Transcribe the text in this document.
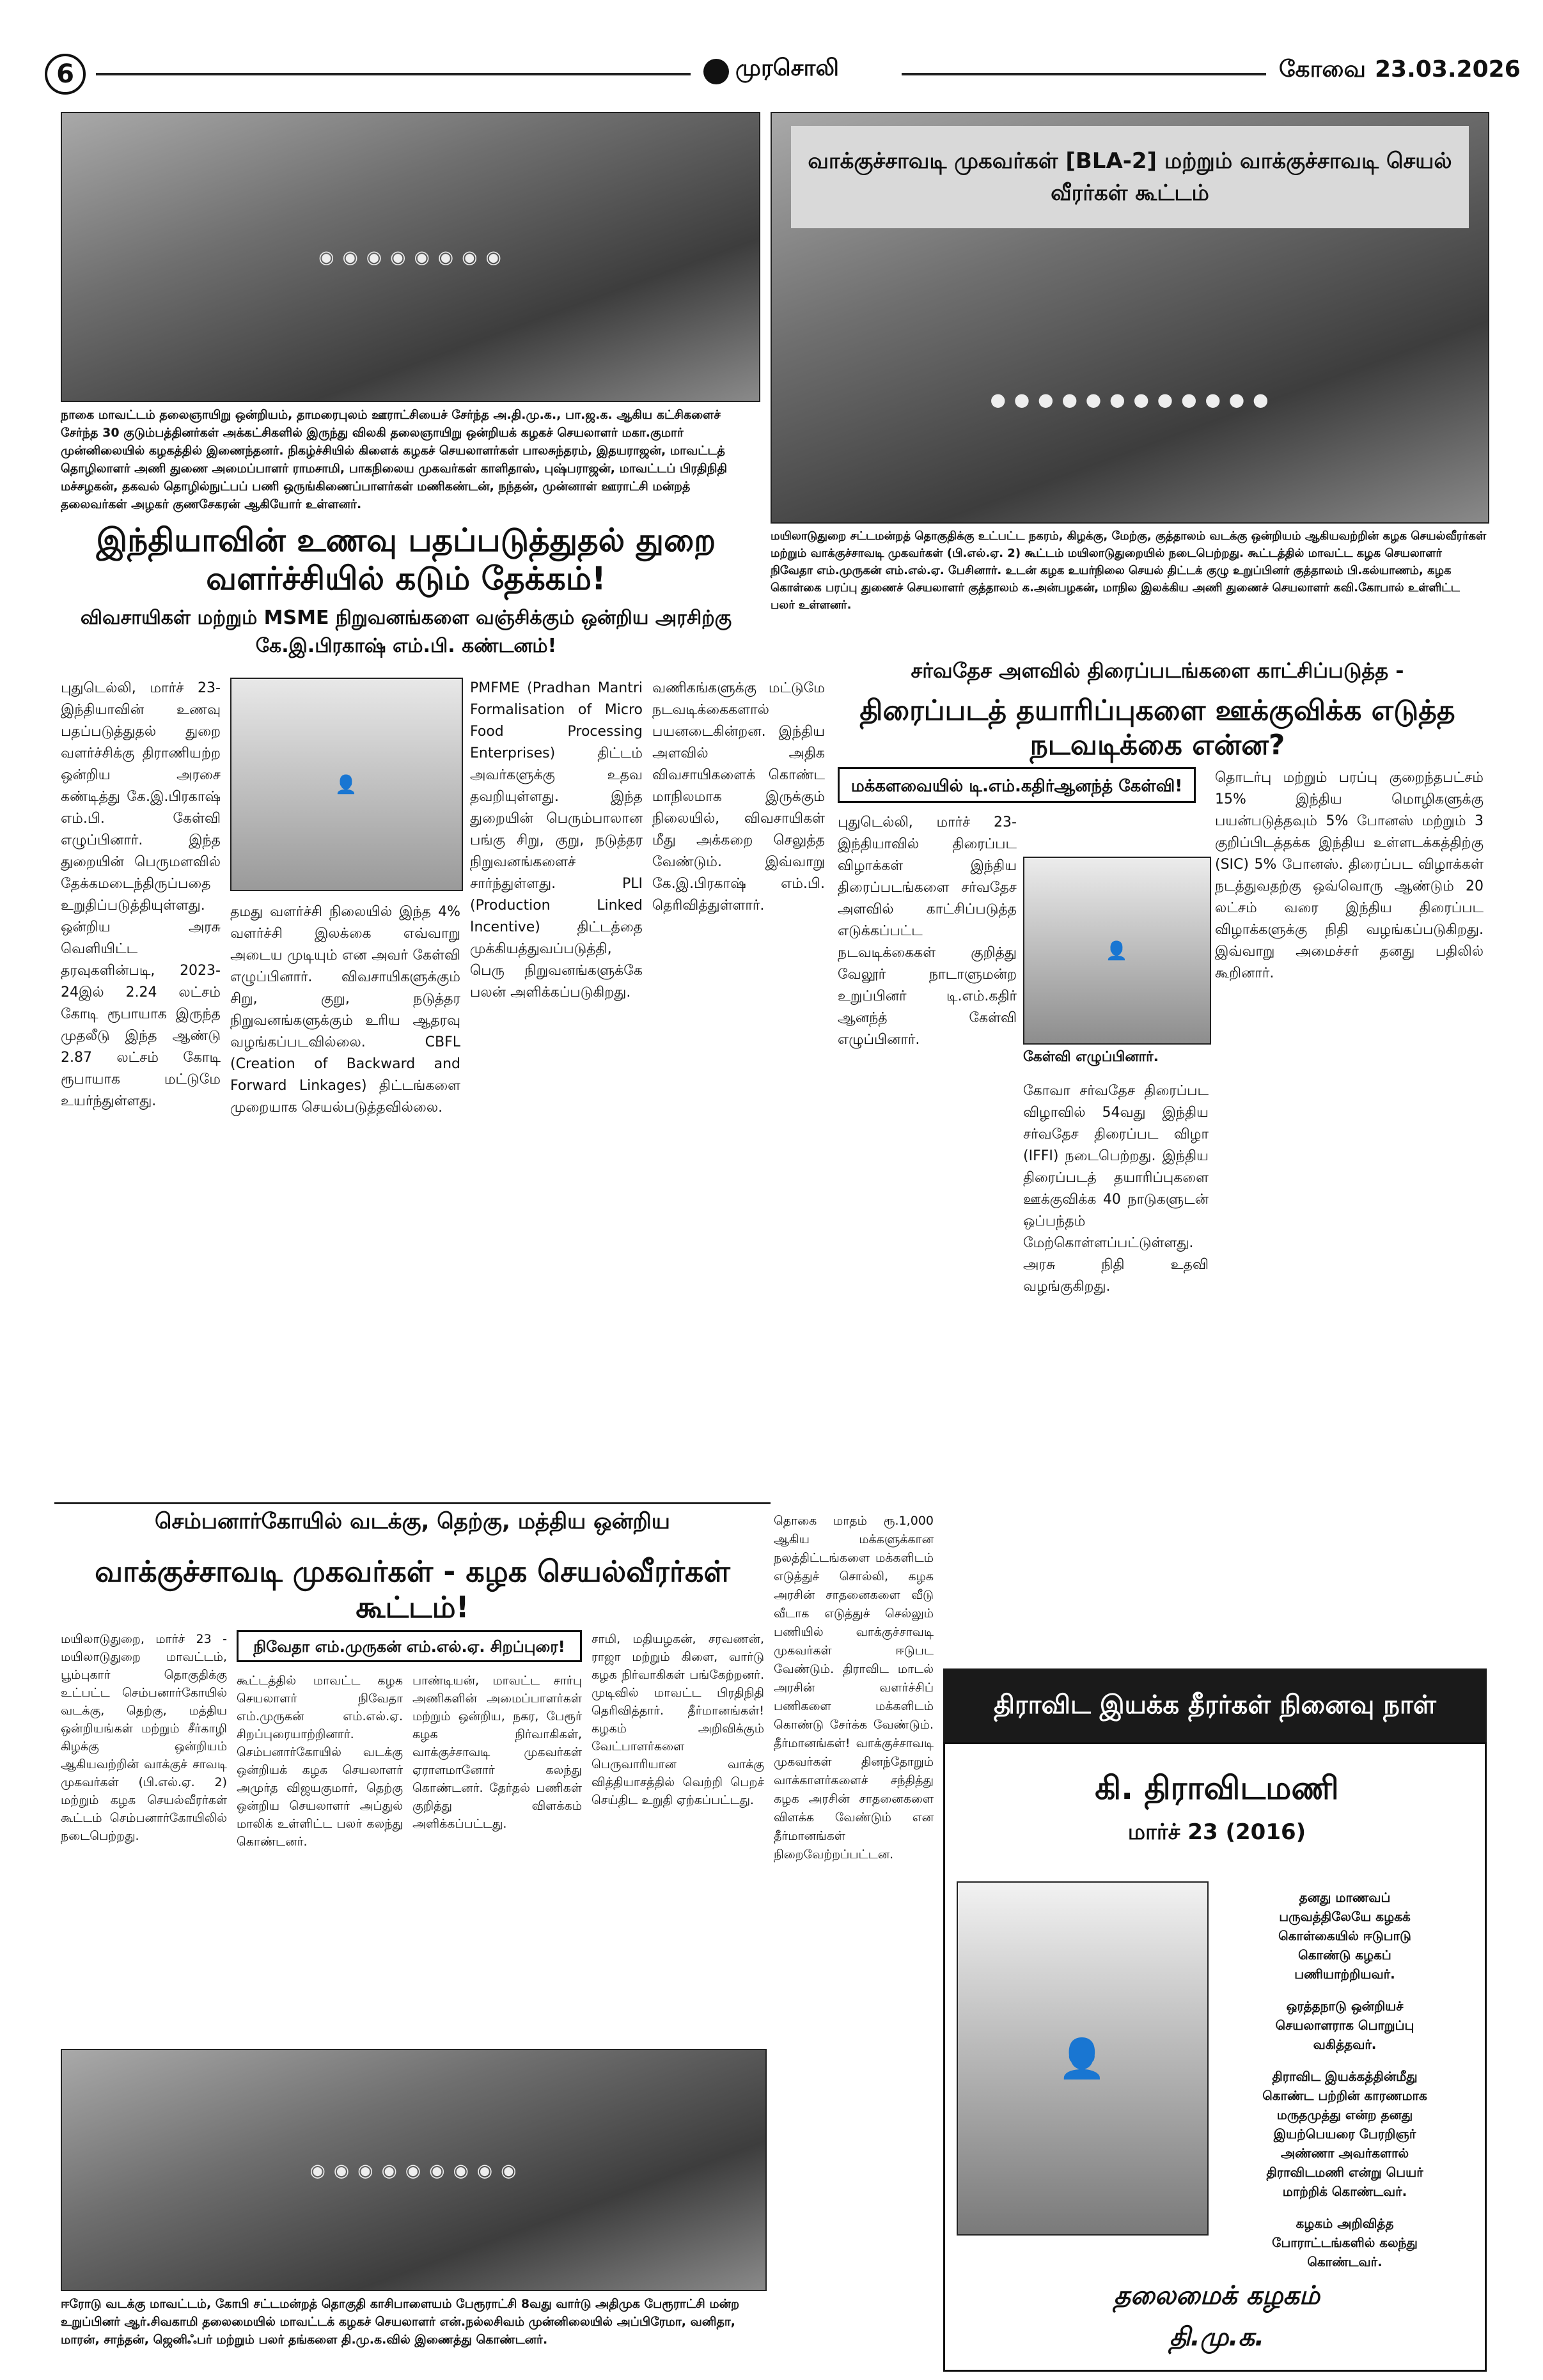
6	முரசொலி	கோவை 23.03.2026
◉ ◉ ◉ ◉ ◉ ◉ ◉ ◉
நாகை மாவட்டம் தலைஞாயிறு ஒன்றியம், தாமரைபுலம் ஊராட்சியைச் சேர்ந்த அ.தி.மு.க., பா.ஜ.க. ஆகிய கட்சிகளைச் சேர்ந்த 30 குடும்பத்தினர்கள் அக்கட்சிகளில் இருந்து விலகி தலைஞாயிறு ஒன்றியக் கழகச் செயலாளர் மகா.குமார் முன்னிலையில் கழகத்தில் இணைந்தனர். நிகழ்ச்சியில் கிளைக் கழகச் செயலாளர்கள் பாலசுந்தரம், இதயராஜன், மாவட்டத் தொழிலாளர் அணி துணை அமைப்பாளர் ராமசாமி, பாகநிலைய முகவர்கள் காளிதாஸ், புஷ்பராஜன், மாவட்டப் பிரதிநிதி மச்சழகன், தகவல் தொழில்நுட்பப் பணி ஒருங்கிணைப்பாளர்கள் மணிகண்டன், நந்தன், முன்னாள் ஊராட்சி மன்றத் தலைவர்கள் அழகர் குணசேகரன் ஆகியோர் உள்ளனர்.
வாக்குச்சாவடி முகவர்கள் [BLA-2] மற்றும் வாக்குச்சாவடி செயல் வீரர்கள் கூட்டம்
● ● ● ● ● ● ● ● ● ● ● ●
மயிலாடுதுறை சட்டமன்றத் தொகுதிக்கு உட்பட்ட நகரம், கிழக்கு, மேற்கு, குத்தாலம் வடக்கு ஒன்றியம் ஆகியவற்றின் கழக செயல்வீரர்கள் மற்றும் வாக்குச்சாவடி முகவர்கள் (பி.எல்.ஏ. 2) கூட்டம் மயிலாடுதுறையில் நடைபெற்றது. கூட்டத்தில் மாவட்ட கழக செயலாளர் நிவேதா எம்.முருகன் எம்.எல்.ஏ. பேசினார். உடன் கழக உயர்நிலை செயல் திட்டக் குழு உறுப்பினர் குத்தாலம் பி.கல்யாணம், கழக கொள்கை பரப்பு துணைச் செயலாளர் குத்தாலம் க.அன்பழகன், மாநில இலக்கிய அணி துணைச் செயலாளர் கவி.கோபால் உள்ளிட்ட பலர் உள்ளனர்.
இந்தியாவின் உணவு பதப்படுத்துதல் துறை வளர்ச்சியில் கடும் தேக்கம்!
விவசாயிகள் மற்றும் MSME நிறுவனங்களை வஞ்சிக்கும் ஒன்றிய அரசிற்கு கே.இ.பிரகாஷ் எம்.பி. கண்டனம்!
புதுடெல்லி, மார்ச் 23- இந்தியாவின் உணவு பதப்படுத்துதல் துறை வளர்ச்சிக்கு திராணியற்ற ஒன்றிய அரசை கண்டித்து கே.இ.பிரகாஷ் எம்.பி. கேள்வி எழுப்பினார். இந்த துறையின் பெருமளவில் தேக்கமடைந்திருப்பதை உறுதிப்படுத்தியுள்ளது. ஒன்றிய அரசு வெளியிட்ட தரவுகளின்படி, 2023-24இல் 2.24 லட்சம் கோடி ரூபாயாக இருந்த முதலீடு இந்த ஆண்டு 2.87 லட்சம் கோடி ரூபாயாக மட்டுமே உயர்ந்துள்ளது.
👤
தமது வளர்ச்சி நிலையில் இந்த 4% வளர்ச்சி இலக்கை எவ்வாறு அடைய முடியும் என அவர் கேள்வி எழுப்பினார். விவசாயிகளுக்கும் சிறு, குறு, நடுத்தர நிறுவனங்களுக்கும் உரிய ஆதரவு வழங்கப்படவில்லை. CBFL (Creation of Backward and Forward Linkages) திட்டங்களை முறையாக செயல்படுத்தவில்லை.
PMFME (Pradhan Mantri Formalisation of Micro Food Processing Enterprises) திட்டம் அவர்களுக்கு உதவ தவறியுள்ளது. இந்த துறையின் பெரும்பாலான பங்கு சிறு, குறு, நடுத்தர நிறுவனங்களைச் சார்ந்துள்ளது. PLI (Production Linked Incentive) திட்டத்தை முக்கியத்துவப்படுத்தி, பெரு நிறுவனங்களுக்கே பலன் அளிக்கப்படுகிறது.
வணிகங்களுக்கு மட்டுமே நடவடிக்கைகளால் பயனடைகின்றன. இந்திய அளவில் அதிக விவசாயிகளைக் கொண்ட மாநிலமாக இருக்கும் நிலையில், விவசாயிகள் மீது அக்கறை செலுத்த வேண்டும். இவ்வாறு கே.இ.பிரகாஷ் எம்.பி. தெரிவித்துள்ளார்.
சர்வதேச அளவில் திரைப்படங்களை காட்சிப்படுத்த -
திரைப்படத் தயாரிப்புகளை ஊக்குவிக்க எடுத்த நடவடிக்கை என்ன?
மக்களவையில் டி.எம்.கதிர்ஆனந்த் கேள்வி!
புதுடெல்லி, மார்ச் 23- இந்தியாவில் திரைப்பட விழாக்கள் இந்திய திரைப்படங்களை சர்வதேச அளவில் காட்சிப்படுத்த எடுக்கப்பட்ட நடவடிக்கைகள் குறித்து வேலூர் நாடாளுமன்ற உறுப்பினர் டி.எம்.கதிர் ஆனந்த் கேள்வி எழுப்பினார்.
👤
கேள்வி எழுப்பினார்.
கோவா சர்வதேச திரைப்பட விழாவில் 54வது இந்திய சர்வதேச திரைப்பட விழா (IFFI) நடைபெற்றது. இந்திய திரைப்படத் தயாரிப்புகளை ஊக்குவிக்க 40 நாடுகளுடன் ஒப்பந்தம் மேற்கொள்ளப்பட்டுள்ளது. அரசு நிதி உதவி வழங்குகிறது.
தொடர்பு மற்றும் பரப்பு குறைந்தபட்சம் 15% இந்திய மொழிகளுக்கு பயன்படுத்தவும் 5% போனஸ் மற்றும் 3 குறிப்பிடத்தக்க இந்திய உள்ளடக்கத்திற்கு (SIC) 5% போனஸ். திரைப்பட விழாக்கள் நடத்துவதற்கு ஒவ்வொரு ஆண்டும் 20 லட்சம் வரை இந்திய திரைப்பட விழாக்களுக்கு நிதி வழங்கப்படுகிறது. இவ்வாறு அமைச்சர் தனது பதிலில் கூறினார்.
திராவிட இயக்க தீரர்கள் நினைவு நாள்
கி. திராவிடமணி
மார்ச் 23 (2016)
👤
தனது மாணவப்
பருவத்திலேயே கழகக்
கொள்கையில் ஈடுபாடு
கொண்டு கழகப்
பணியாற்றியவர்.
ஒரத்தநாடு ஒன்றியச்
செயலாளராக பொறுப்பு
வகித்தவர்.
திராவிட இயக்கத்தின்மீது
கொண்ட பற்றின் காரணமாக
மருதமுத்து என்ற தனது
இயற்பெயரை பேரறிஞர்
அண்ணா அவர்களால்
திராவிடமணி என்று பெயர்
மாற்றிக் கொண்டவர்.
கழகம் அறிவித்த
போராட்டங்களில் கலந்து
கொண்டவர்.
தலைமைக் கழகம்
தி.மு.க.
செம்பனார்கோயில் வடக்கு, தெற்கு, மத்திய ஒன்றிய
வாக்குச்சாவடி முகவர்கள் - கழக செயல்வீரர்கள் கூட்டம்!
மயிலாடுதுறை, மார்ச் 23 - மயிலாடுதுறை மாவட்டம், பூம்புகார் தொகுதிக்கு உட்பட்ட செம்பனார்கோயில் வடக்கு, தெற்கு, மத்திய ஒன்றியங்கள் மற்றும் சீர்காழி கிழக்கு ஒன்றியம் ஆகியவற்றின் வாக்குச் சாவடி முகவர்கள் (பி.எல்.ஏ. 2) மற்றும் கழக செயல்வீரர்கள் கூட்டம் செம்பனார்கோயிலில் நடைபெற்றது.
நிவேதா எம்.முருகன் எம்.எல்.ஏ. சிறப்புரை!
கூட்டத்தில் மாவட்ட கழக செயலாளர் நிவேதா எம்.முருகன் எம்.எல்.ஏ. சிறப்புரையாற்றினார். செம்பனார்கோயில் வடக்கு ஒன்றியக் கழக செயலாளர் அமுர்த விஜயகுமார், தெற்கு ஒன்றிய செயலாளர் அப்துல் மாலிக் உள்ளிட்ட பலர் கலந்து கொண்டனர்.
பாண்டியன், மாவட்ட சார்பு அணிகளின் அமைப்பாளர்கள் மற்றும் ஒன்றிய, நகர, பேரூர் கழக நிர்வாகிகள், வாக்குச்சாவடி முகவர்கள் ஏராளமானோர் கலந்து கொண்டனர். தேர்தல் பணிகள் குறித்து விளக்கம் அளிக்கப்பட்டது.
சாமி, மதியழகன், சரவணன், ராஜா மற்றும் கிளை, வார்டு கழக நிர்வாகிகள் பங்கேற்றனர். முடிவில் மாவட்ட பிரதிநிதி தெரிவித்தார். தீர்மானங்கள்! கழகம் அறிவிக்கும் வேட்பாளர்களை பெருவாரியான வாக்கு வித்தியாசத்தில் வெற்றி பெறச் செய்திட உறுதி ஏற்கப்பட்டது.
தொகை மாதம் ரூ.1,000 ஆகிய மக்களுக்கான நலத்திட்டங்களை மக்களிடம் எடுத்துச் சொல்லி, கழக அரசின் சாதனைகளை வீடு வீடாக எடுத்துச் செல்லும் பணியில் வாக்குச்சாவடி முகவர்கள் ஈடுபட வேண்டும். திராவிட மாடல் அரசின் வளர்ச்சிப் பணிகளை மக்களிடம் கொண்டு சேர்க்க வேண்டும். தீர்மானங்கள்! வாக்குச்சாவடி முகவர்கள் தினந்தோறும் வாக்காளர்களைச் சந்தித்து கழக அரசின் சாதனைகளை விளக்க வேண்டும் என தீர்மானங்கள் நிறைவேற்றப்பட்டன.
◉ ◉ ◉ ◉ ◉ ◉ ◉ ◉ ◉
ஈரோடு வடக்கு மாவட்டம், கோபி சட்டமன்றத் தொகுதி காசிபாளையம் பேரூராட்சி 8வது வார்டு அதிமுக பேரூராட்சி மன்ற உறுப்பினர் ஆர்.சிவகாமி தலைமையில் மாவட்டக் கழகச் செயலாளர் என்.நல்லசிவம் முன்னிலையில் அப்பிரேமா, வனிதா, மாரன், சாந்தன், ஜெனிஃபர் மற்றும் பலர் தங்களை தி.மு.க.வில் இணைத்து கொண்டனர்.
